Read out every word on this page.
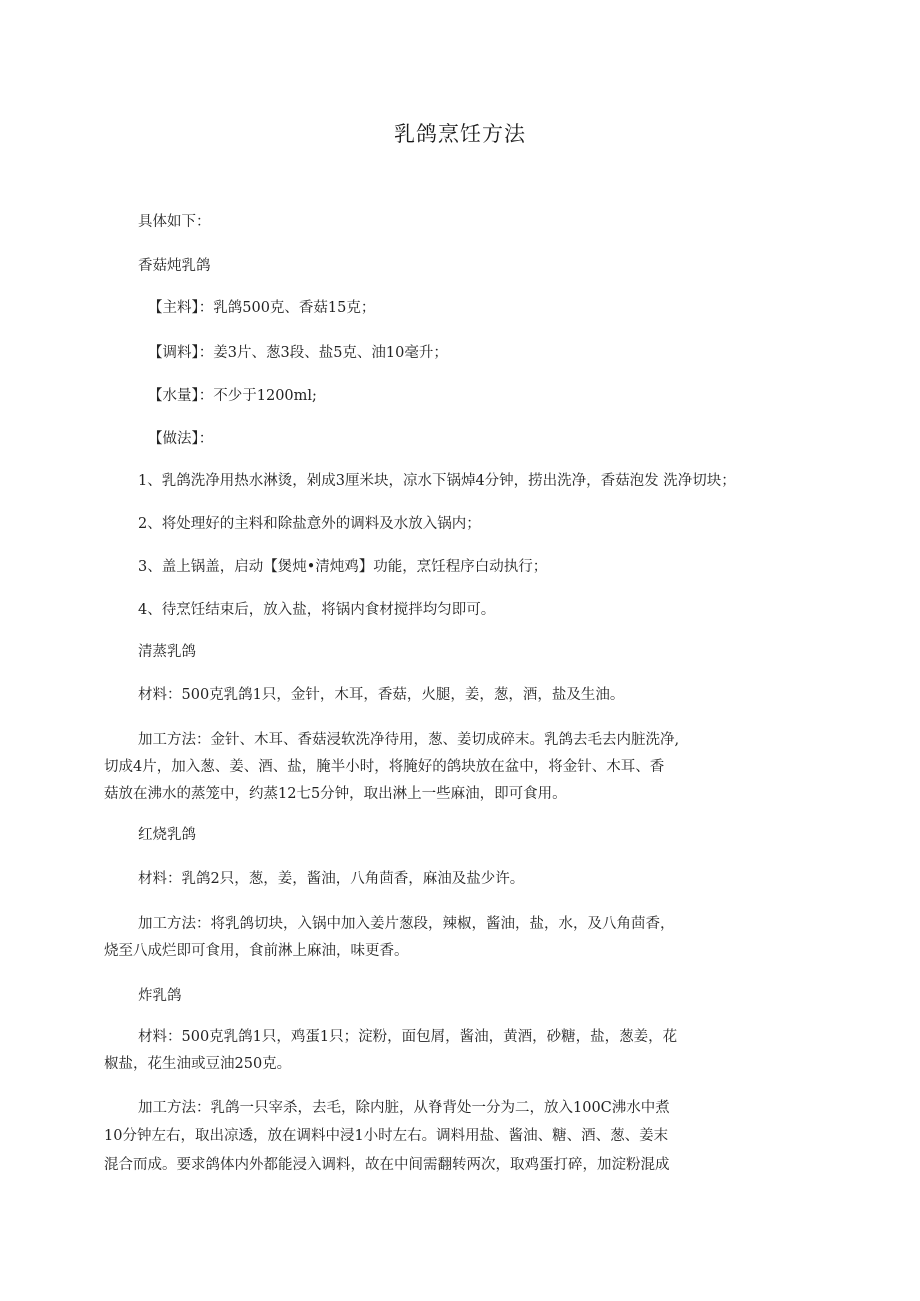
乳鸽烹饪方法
具体如下：
香菇炖乳鸽
【主料】：乳鸽500克、香菇15克；
【调料】：姜3片、葱3段、盐5克、油10毫升；
【水量】：不少于1200ml;
【做法】：
1、乳鸽洗净用热水淋烫，剁成3厘米块，凉水下锅焯4分钟，捞出洗净，香菇泡发 洗净切块；
2、将处理好的主料和除盐意外的调料及水放入锅内；
3、盖上锅盖，启动【煲炖•清炖鸡】功能，烹饪程序白动执行；
4、待烹饪结束后，放入盐，将锅内食材搅拌均匀即可。
清蒸乳鸽
材料：500克乳鸽1只，金针，木耳，香菇，火腿，姜，葱，酒，盐及生油。
加工方法：金针、木耳、香菇浸软洗净待用，葱、姜切成碎末。乳鸽去毛去内脏洗净,
切成4片，加入葱、姜、酒、盐，腌半小时，将腌好的鸽块放在盆中，将金针、木耳、香
菇放在沸水的蒸笼中，约蒸12七5分钟，取出淋上一些麻油，即可食用。
红烧乳鸽
材料：乳鸽2只，葱，姜，酱油，八角茴香，麻油及盐少许。
加工方法：将乳鸽切块，入锅中加入姜片葱段，辣椒，酱油，盐，水，及八角茴香，
烧至八成烂即可食用，食前淋上麻油，味更香。
炸乳鸽
材料：500克乳鸽1只，鸡蛋1只；淀粉，面包屑，酱油，黄酒，砂糖，盐，葱姜，花
椒盐，花生油或豆油250克。
加工方法：乳鸽一只宰杀，去毛，除内脏，从脊背处一分为二，放入100C沸水中煮
10分钟左右，取出凉透，放在调料中浸1小时左右。调料用盐、酱油、糖、酒、葱、姜末
混合而成。要求鸽体内外都能浸入调料，故在中间需翻转两次，取鸡蛋打碎，加淀粉混成
